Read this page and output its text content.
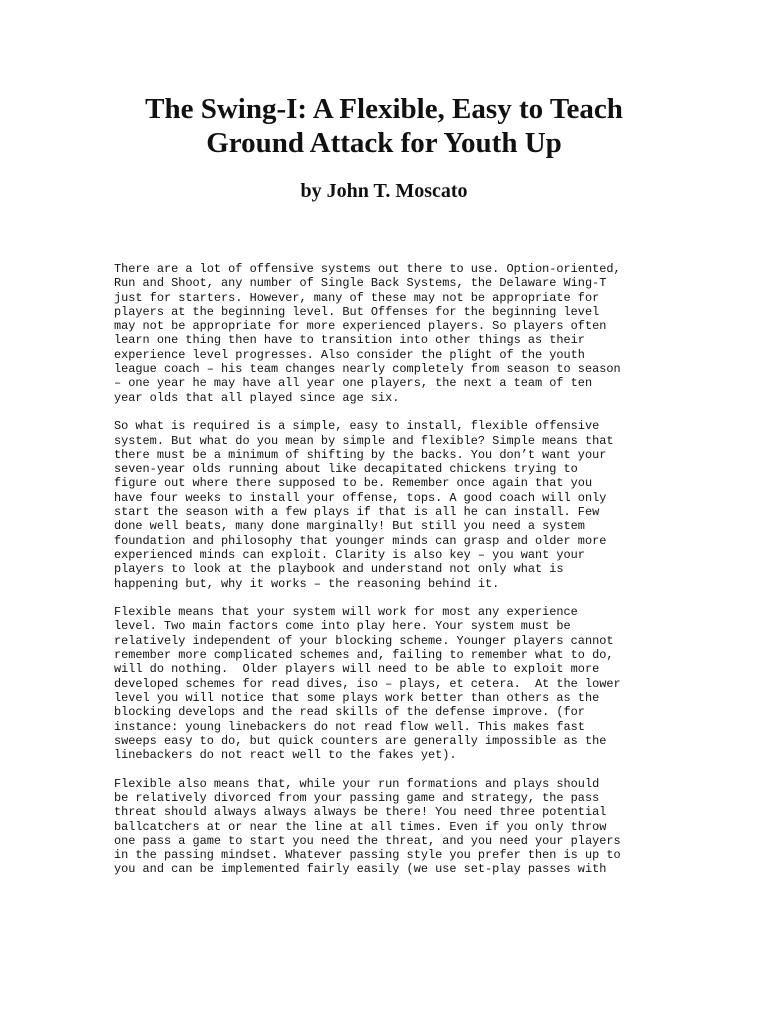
The Swing-I: A Flexible, Easy to Teach
Ground Attack for Youth Up
by John T. Moscato

There are a lot of offensive systems out there to use. Option-oriented,
Run and Shoot, any number of Single Back Systems, the Delaware Wing-T
just for starters. However, many of these may not be appropriate for
players at the beginning level. But Offenses for the beginning level
may not be appropriate for more experienced players. So players often
learn one thing then have to transition into other things as their
experience level progresses. Also consider the plight of the youth
league coach – his team changes nearly completely from season to season
– one year he may have all year one players, the next a team of ten
year olds that all played since age six.

So what is required is a simple, easy to install, flexible offensive
system. But what do you mean by simple and flexible? Simple means that
there must be a minimum of shifting by the backs. You don’t want your
seven-year olds running about like decapitated chickens trying to
figure out where there supposed to be. Remember once again that you
have four weeks to install your offense, tops. A good coach will only
start the season with a few plays if that is all he can install. Few
done well beats, many done marginally! But still you need a system
foundation and philosophy that younger minds can grasp and older more
experienced minds can exploit. Clarity is also key – you want your
players to look at the playbook and understand not only what is
happening but, why it works – the reasoning behind it.

Flexible means that your system will work for most any experience
level. Two main factors come into play here. Your system must be
relatively independent of your blocking scheme. Younger players cannot
remember more complicated schemes and, failing to remember what to do,
will do nothing.  Older players will need to be able to exploit more
developed schemes for read dives, iso – plays, et cetera.  At the lower
level you will notice that some plays work better than others as the
blocking develops and the read skills of the defense improve. (for
instance: young linebackers do not read flow well. This makes fast
sweeps easy to do, but quick counters are generally impossible as the
linebackers do not react well to the fakes yet).

Flexible also means that, while your run formations and plays should
be relatively divorced from your passing game and strategy, the pass
threat should always always always be there! You need three potential
ballcatchers at or near the line at all times. Even if you only throw
one pass a game to start you need the threat, and you need your players
in the passing mindset. Whatever passing style you prefer then is up to
you and can be implemented fairly easily (we use set-play passes with
